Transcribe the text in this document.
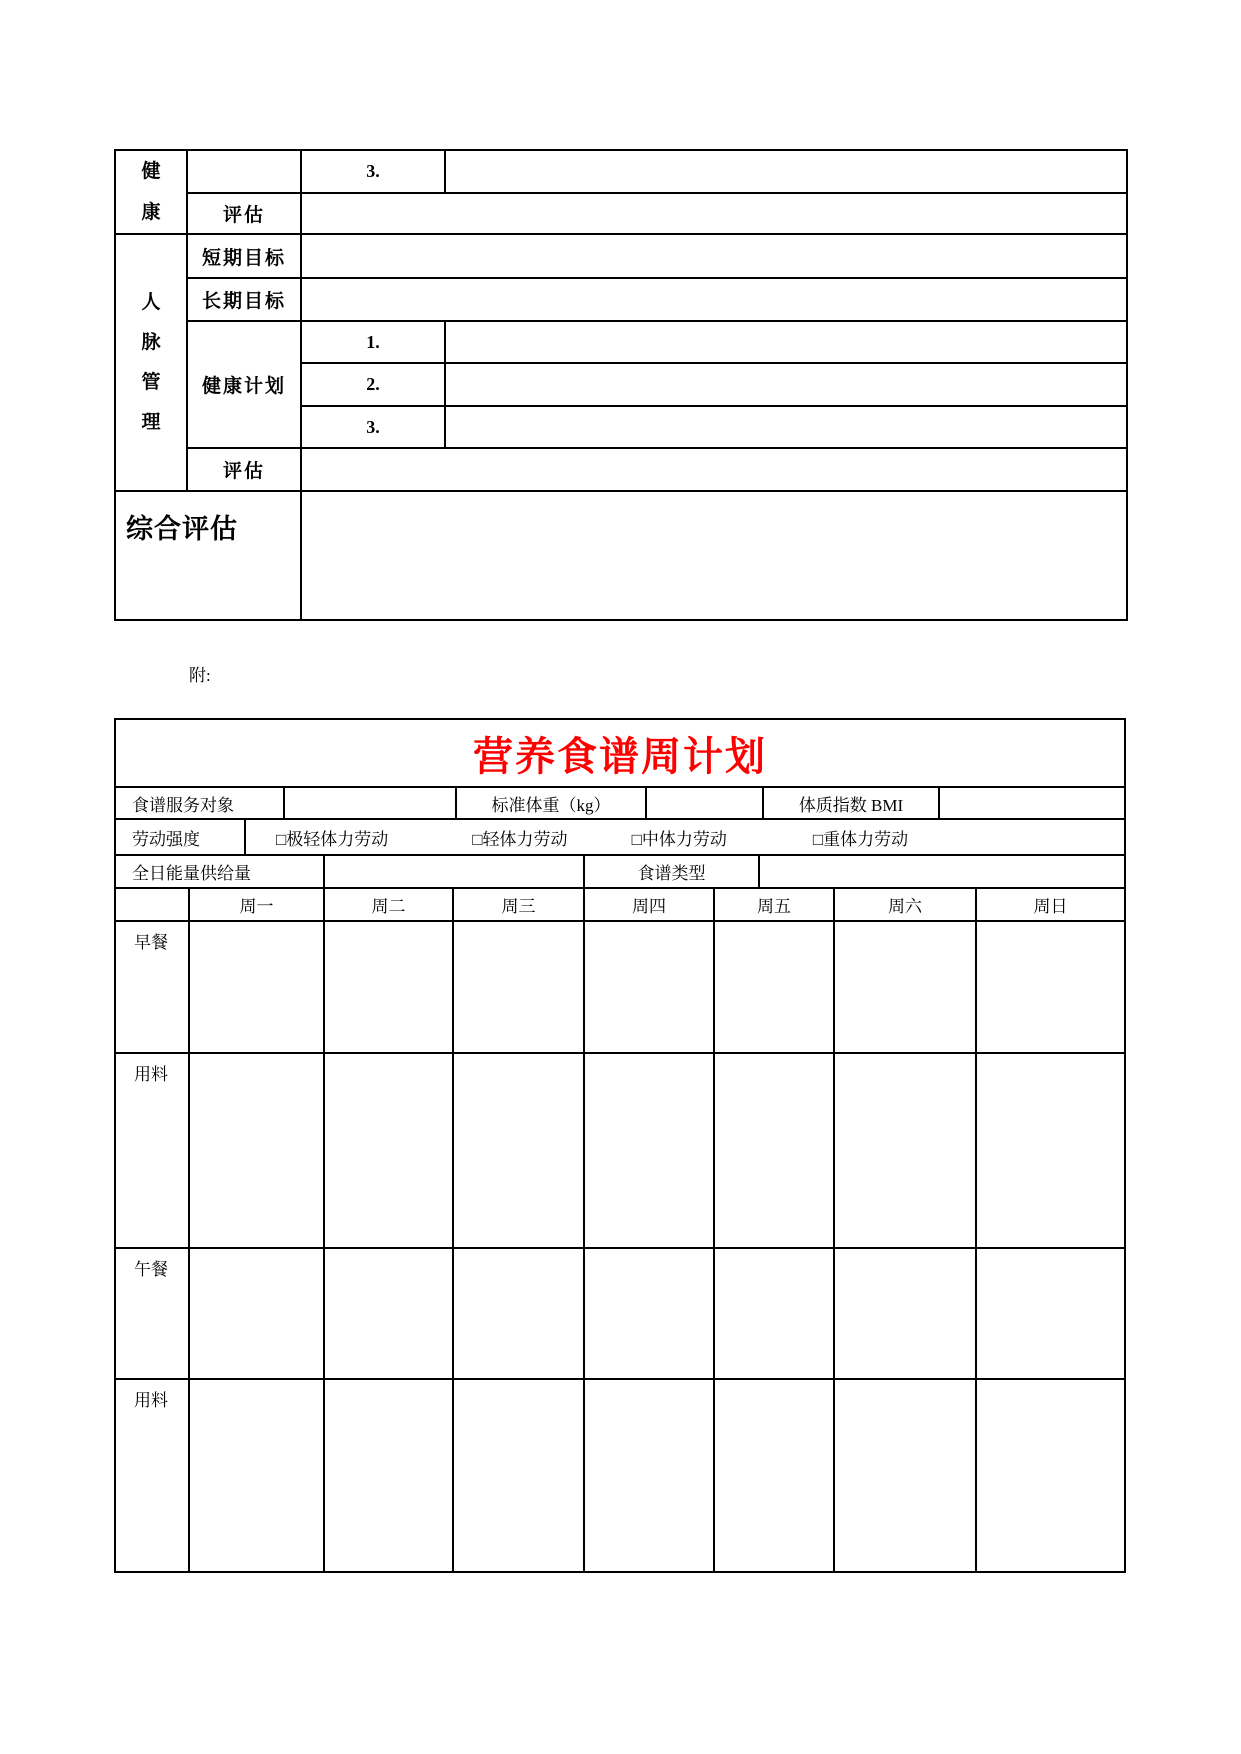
健康		3.	
	评估		
人脉管理	短期目标		
	长期目标		
	健康计划	1.	
		2.	
		3.	
	评估		
综合评估			
附:
营养食谱周计划
食谱服务对象	标准体重（kg）	体质指数 BMI
劳动强度	□极轻体力劳动	□轻体力劳动	□中体力劳动	□重体力劳动
全日能量供给量	食谱类型
周一	周二	周三	周四	周五	周六	周日
早餐
用料
午餐
用料
